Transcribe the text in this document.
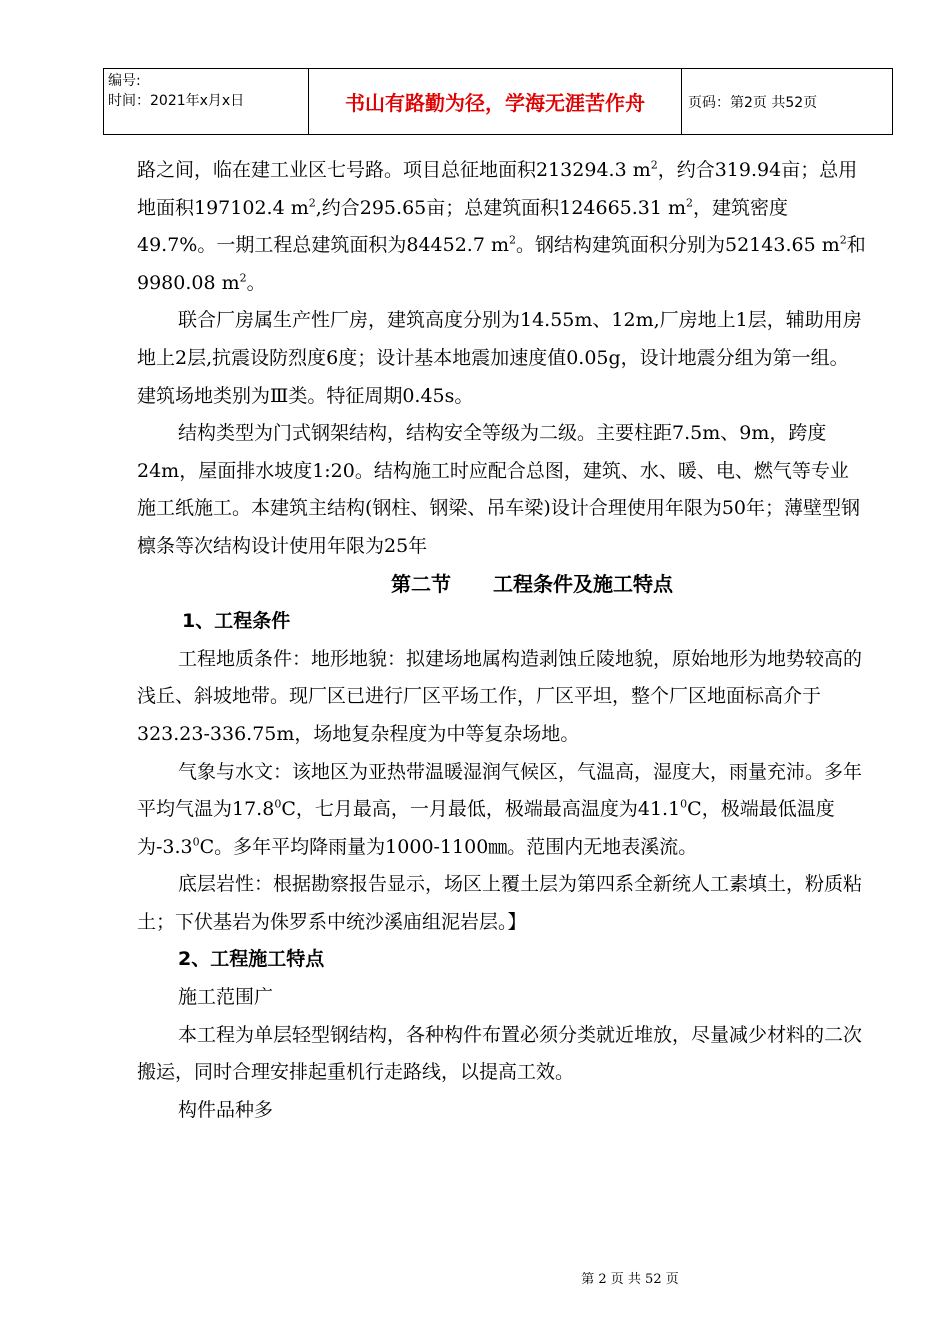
编号:
时间：2021年x月x日	书山有路勤为径，学海无涯苦作舟	页码：第2页 共52页

路之间，临在建工业区七号路。项目总征地面积213294.3 $m^2$，约合319.94亩；总用地面积197102.4 $m^2$,约合295.65亩；总建筑面积124665.31 $m^2$，建筑密度49.7%。一期工程总建筑面积为84452.7 $m^2$。钢结构建筑面积分别为52143.65 $m^2$和9980.08 $m^2$。

联合厂房属生产性厂房，建筑高度分别为14.55m、12m,厂房地上1层，辅助用房地上2层,抗震设防烈度6度；设计基本地震加速度值0.05g，设计地震分组为第一组。建筑场地类别为Ⅲ类。特征周期0.45s。

结构类型为门式钢架结构，结构安全等级为二级。主要柱距7.5m、9m，跨度24m，屋面排水坡度1:20。结构施工时应配合总图，建筑、水、暖、电、燃气等专业施工纸施工。本建筑主结构(钢柱、钢梁、吊车梁)设计合理使用年限为50年；薄壁型钢檩条等次结构设计使用年限为25年

第二节 工程条件及施工特点
1、工程条件

工程地质条件：地形地貌：拟建场地属构造剥蚀丘陵地貌，原始地形为地势较高的浅丘、斜坡地带。现厂区已进行厂区平场工作，厂区平坦，整个厂区地面标高介于323.23-336.75m，场地复杂程度为中等复杂场地。

气象与水文：该地区为亚热带温暖湿润气候区，气温高，湿度大，雨量充沛。多年平均气温为17.8$^0$C，七月最高，一月最低，极端最高温度为41.1$^0$C，极端最低温度为$-3.3^0C$。多年平均降雨量为1000-1100㎜。范围内无地表溪流。

底层岩性：根据勘察报告显示，场区上覆土层为第四系全新统人工素填土，粉质粘土；下伏基岩为侏罗系中统沙溪庙组泥岩层。】

2、工程施工特点

施工范围广

本工程为单层轻型钢结构，各种构件布置必须分类就近堆放，尽量减少材料的二次搬运，同时合理安排起重机行走路线，以提高工效。

构件品种多

第 2 页 共 52 页
